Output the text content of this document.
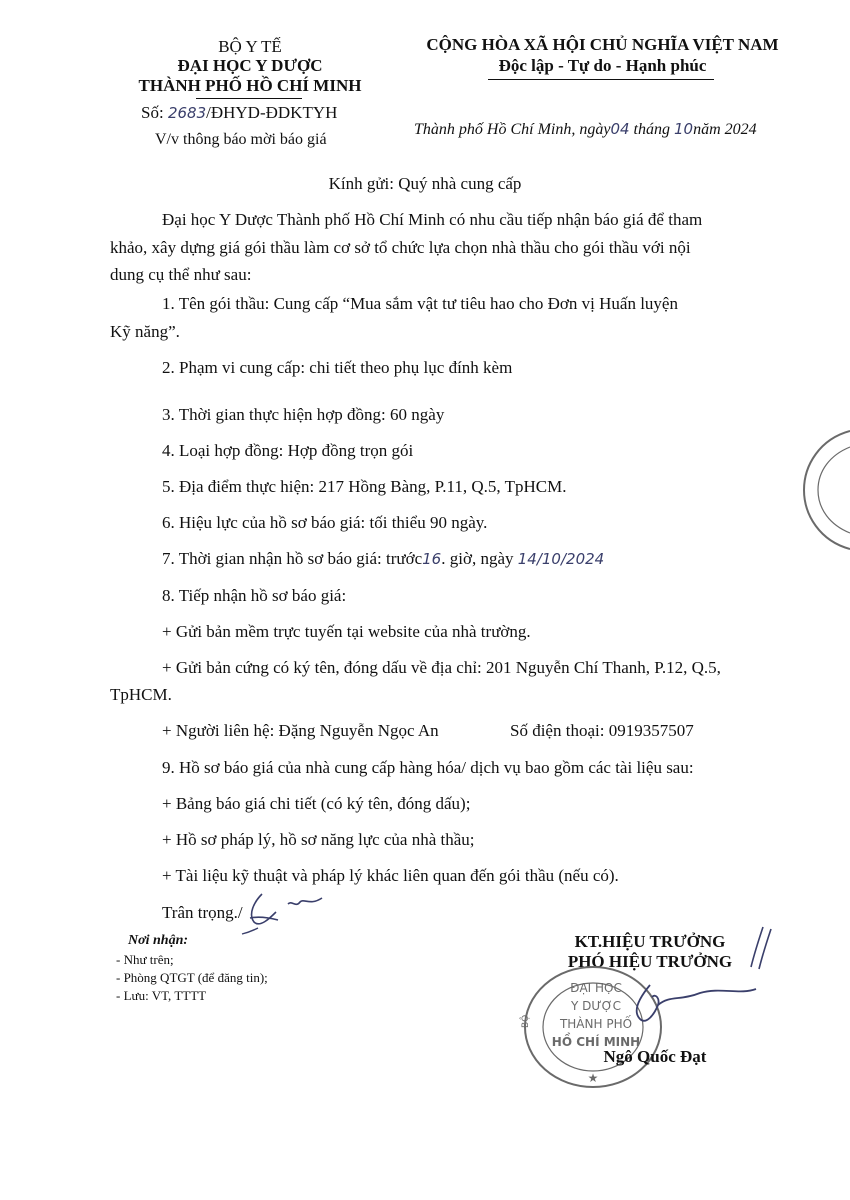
BỘ Y TẾ
ĐẠI HỌC Y DƯỢC
THÀNH PHỐ HỒ CHÍ MINH
Số: 2683/ĐHYD-ĐDKTYH
V/v thông báo mời báo giá
CỘNG HÒA XÃ HỘI CHỦ NGHĨA VIỆT NAM
Độc lập - Tự do - Hạnh phúc
Thành phố Hồ Chí Minh, ngày04 tháng 10năm 2024
Kính gửi: Quý nhà cung cấp
Đại học Y Dược Thành phố Hồ Chí Minh có nhu cầu tiếp nhận báo giá để tham
khảo, xây dựng giá gói thầu làm cơ sở tổ chức lựa chọn nhà thầu cho gói thầu với nội
dung cụ thể như sau:
1. Tên gói thầu: Cung cấp “Mua sắm vật tư tiêu hao cho Đơn vị Huấn luyện
Kỹ năng”.
2. Phạm vi cung cấp: chi tiết theo phụ lục đính kèm
3. Thời gian thực hiện hợp đồng: 60 ngày
4. Loại hợp đồng: Hợp đồng trọn gói
5. Địa điểm thực hiện: 217 Hồng Bàng, P.11, Q.5, TpHCM.
6. Hiệu lực của hồ sơ báo giá: tối thiểu 90 ngày.
7. Thời gian nhận hồ sơ báo giá: trước16. giờ, ngày 14/10/2024
8. Tiếp nhận hồ sơ báo giá:
+ Gửi bản mềm trực tuyến tại website của nhà trường.
+ Gửi bản cứng có ký tên, đóng dấu về địa chỉ: 201 Nguyễn Chí Thanh, P.12, Q.5,
TpHCM.
+ Người liên hệ: Đặng Nguyễn Ngọc An	Số điện thoại: 0919357507
9. Hồ sơ báo giá của nhà cung cấp hàng hóa/ dịch vụ bao gồm các tài liệu sau:
+ Bảng báo giá chi tiết (có ký tên, đóng dấu);
+ Hồ sơ pháp lý, hồ sơ năng lực của nhà thầu;
+ Tài liệu kỹ thuật và pháp lý khác liên quan đến gói thầu (nếu có).
Trân trọng./
Nơi nhận:
- Như trên;
- Phòng QTGT (để đăng tin);
- Lưu: VT, TTTT
KT.HIỆU TRƯỞNG
PHÓ HIỆU TRƯỞNG
BỘ
★
ĐẠI HỌC
Y DƯỢC
THÀNH PHỐ
HỒ CHÍ MINH
Ngô Quốc Đạt
